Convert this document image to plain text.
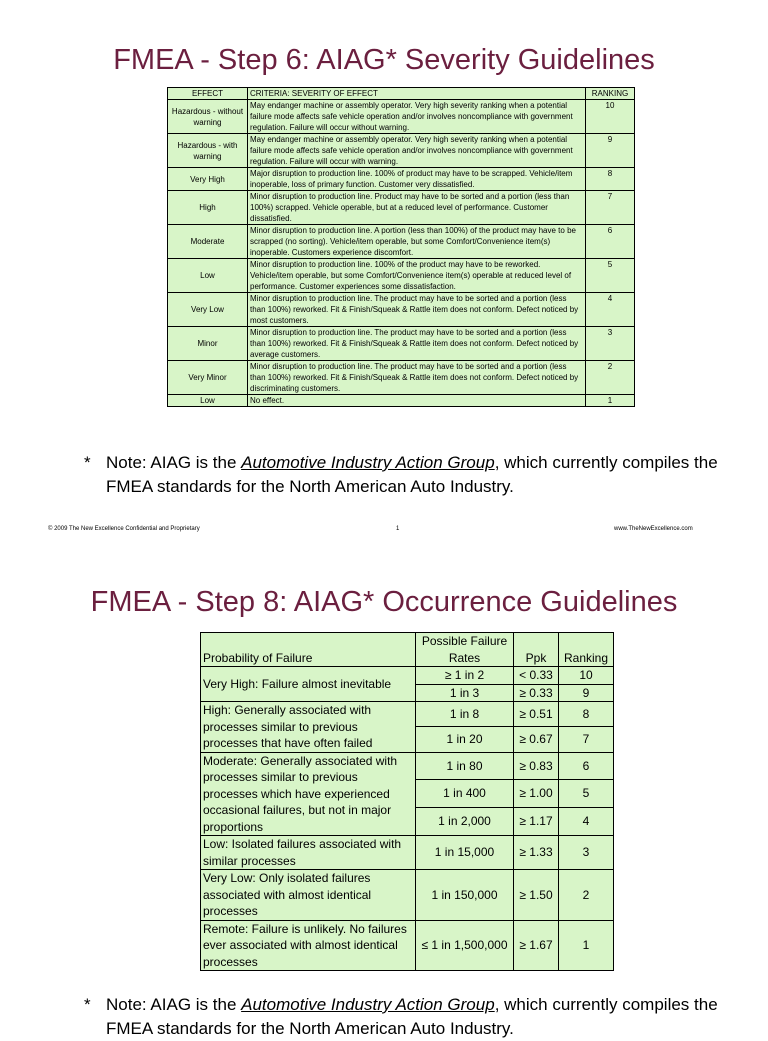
FMEA - Step 6: AIAG* Severity Guidelines
EFFECT	CRITERIA: SEVERITY OF EFFECT	RANKING
Hazardous - without warning	May endanger machine or assembly operator. Very high severity ranking when a potential failure mode affects safe vehicle operation and/or involves noncompliance with government regulation. Failure will occur without warning.	10
Hazardous - with warning	May endanger machine or assembly operator. Very high severity ranking when a potential failure mode affects safe vehicle operation and/or involves noncompliance with government regulation. Failure will occur with warning.	9
Very High	Major disruption to production line. 100% of product may have to be scrapped. Vehicle/item inoperable, loss of primary function. Customer very dissatisfied.	8
High	Minor disruption to production line. Product may have to be sorted and a portion (less than 100%) scrapped. Vehicle operable, but at a reduced level of performance. Customer dissatisfied.	7
Moderate	Minor disruption to production line. A portion (less than 100%) of the product may have to be scrapped (no sorting). Vehicle/item operable, but some Comfort/Convenience item(s) inoperable. Customers experience discomfort.	6
Low	Minor disruption to production line. 100% of the product may have to be reworked. Vehicle/item operable, but some Comfort/Convenience item(s) operable at reduced level of performance. Customer experiences some dissatisfaction.	5
Very Low	Minor disruption to production line. The product may have to be sorted and a portion (less than 100%) reworked. Fit & Finish/Squeak & Rattle item does not conform. Defect noticed by most customers.	4
Minor	Minor disruption to production line. The product may have to be sorted and a portion (less than 100%) reworked. Fit & Finish/Squeak & Rattle item does not conform. Defect noticed by average customers.	3
Very Minor	Minor disruption to production line. The product may have to be sorted and a portion (less than 100%) reworked. Fit & Finish/Squeak & Rattle item does not conform. Defect noticed by discriminating customers.	2
Low	No effect.	1
* Note: AIAG is the Automotive Industry Action Group, which currently compiles the FMEA standards for the North American Auto Industry.
© 2009 The New Excellence Confidential and Proprietary	1	www.TheNewExcellence.com
FMEA - Step 8: AIAG* Occurrence Guidelines
Probability of Failure	Possible Failure Rates	Ppk	Ranking
Very High: Failure almost inevitable	≥ 1 in 2	< 0.33	10
	1 in 3	≥ 0.33	9
High: Generally associated with processes similar to previous processes that have often failed	1 in 8	≥ 0.51	8
	1 in 20	≥ 0.67	7
Moderate: Generally associated with processes similar to previous processes which have experienced occasional failures, but not in major proportions	1 in 80	≥ 0.83	6
	1 in 400	≥ 1.00	5
	1 in 2,000	≥ 1.17	4
Low: Isolated failures associated with similar processes	1 in 15,000	≥ 1.33	3
Very Low: Only isolated failures associated with almost identical processes	1 in 150,000	≥ 1.50	2
Remote: Failure is unlikely. No failures ever associated with almost identical processes	≤ 1 in 1,500,000	≥ 1.67	1
* Note: AIAG is the Automotive Industry Action Group, which currently compiles the FMEA standards for the North American Auto Industry.
